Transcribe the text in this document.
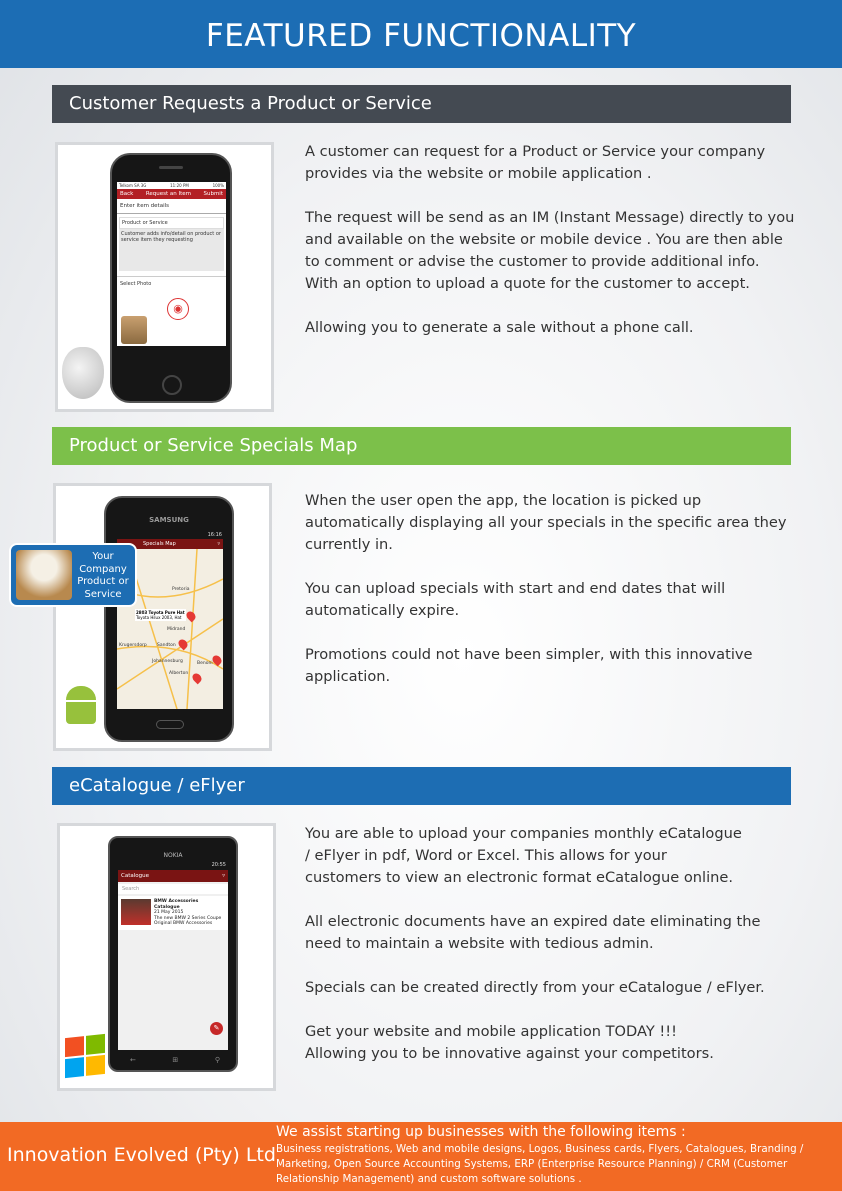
FEATURED FUNCTIONALITY
Customer Requests a Product or Service
Telkom SA 3G	11:20 PM	100%
Back Request an Item Submit
Enter item details
Product or Service
Customer adds info/detail on product or service item they requesting
Select Photo
◉

A customer can request for a Product or Service your company provides via the website or mobile application .

The request will be send as an IM (Instant Message) directly to you and available on the website or mobile device . You are then able to comment or advise the customer to provide additional info. With an option to upload a quote for the customer to accept.

Allowing you to generate a sale without a phone call.

Product or Service Specials Map
SAMSUNG
16:16
Specials Map	▿
Pretoria
Midrand
Sandton
Johannesburg
Alberton
Benoni
Krugersdorp
2803 Toyota Pure Hat
Toyota Hilux 2003, Hat
Your Company Product or Service

When the user open the app, the location is picked up automatically displaying all your specials in the specific area they currently in.

You can upload specials with start and end dates that will automatically expire.

Promotions could not have been simpler, with this innovative application.

eCatalogue / eFlyer
NOKIA
20:55
Catalogue	▿
Search
BMW Accessories Catalogue
21 May 2015
The new BMW 2 Series Coupe Original BMW Accessories
✎
←	⊞	⚲

You are able to upload your companies monthly eCatalogue / eFlyer in pdf, Word or Excel. This allows for your customers to view an electronic format eCatalogue online.

All electronic documents have an expired date eliminating the need to maintain a website with tedious admin.

Specials can be created directly from your eCatalogue / eFlyer.

Get your website and mobile application TODAY !!! Allowing you to be innovative against your competitors.

Innovation Evolved (Pty) Ltd
We assist starting up businesses with the following items :
Business registrations, Web and mobile designs, Logos, Business cards, Flyers, Catalogues, Branding / Marketing, Open Source Accounting Systems, ERP (Enterprise Resource Planning) / CRM (Customer Relationship Management) and custom software solutions .
